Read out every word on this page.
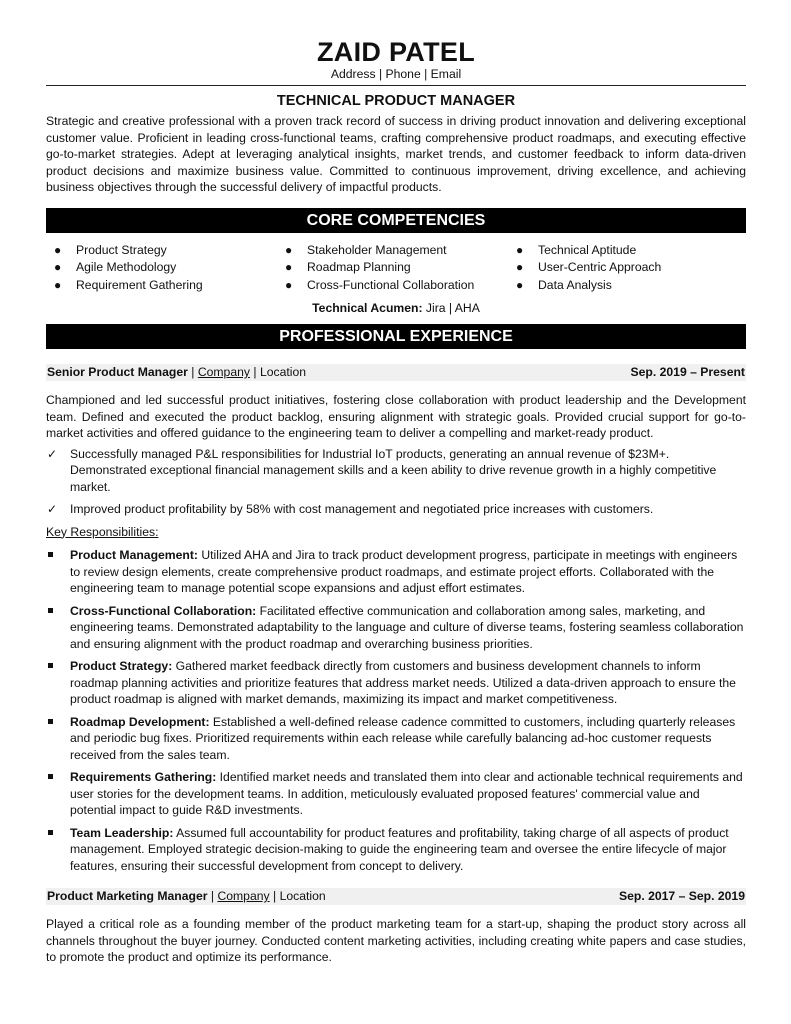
ZAID PATEL
Address | Phone | Email
TECHNICAL PRODUCT MANAGER

Strategic and creative professional with a proven track record of success in driving product innovation and delivering exceptional customer value. Proficient in leading cross-functional teams, crafting comprehensive product roadmaps, and executing effective go-to-market strategies. Adept at leveraging analytical insights, market trends, and customer feedback to inform data-driven product decisions and maximize business value. Committed to continuous improvement, driving excellence, and achieving business objectives through the successful delivery of impactful products.

CORE COMPETENCIES
● Product Strategy
● Agile Methodology
● Requirement Gathering
● Stakeholder Management
● Roadmap Planning
● Cross-Functional Collaboration
● Technical Aptitude
● User-Centric Approach
● Data Analysis
Technical Acumen: Jira | AHA
PROFESSIONAL EXPERIENCE
Senior Product Manager | Company | Location	Sep. 2019 – Present

Championed and led successful product initiatives, fostering close collaboration with product leadership and the Development team. Defined and executed the product backlog, ensuring alignment with strategic goals. Provided crucial support for go-to-market activities and offered guidance to the engineering team to deliver a compelling and market-ready product.

✓ Successfully managed P&L responsibilities for Industrial IoT products, generating an annual revenue of $23M+. Demonstrated exceptional financial management skills and a keen ability to drive revenue growth in a highly competitive market.
✓ Improved product profitability by 58% with cost management and negotiated price increases with customers.
Key Responsibilities:
Product Management: Utilized AHA and Jira to track product development progress, participate in meetings with engineers to review design elements, create comprehensive product roadmaps, and estimate project efforts. Collaborated with the engineering team to manage potential scope expansions and adjust effort estimates.
Cross-Functional Collaboration: Facilitated effective communication and collaboration among sales, marketing, and engineering teams. Demonstrated adaptability to the language and culture of diverse teams, fostering seamless collaboration and ensuring alignment with the product roadmap and overarching business priorities.
Product Strategy: Gathered market feedback directly from customers and business development channels to inform roadmap planning activities and prioritize features that address market needs. Utilized a data-driven approach to ensure the product roadmap is aligned with market demands, maximizing its impact and market competitiveness.
Roadmap Development: Established a well-defined release cadence committed to customers, including quarterly releases and periodic bug fixes. Prioritized requirements within each release while carefully balancing ad-hoc customer requests received from the sales team.
Requirements Gathering: Identified market needs and translated them into clear and actionable technical requirements and user stories for the development teams. In addition, meticulously evaluated proposed features' commercial value and potential impact to guide R&D investments.
Team Leadership: Assumed full accountability for product features and profitability, taking charge of all aspects of product management. Employed strategic decision-making to guide the engineering team and oversee the entire lifecycle of major features, ensuring their successful development from concept to delivery.
Product Marketing Manager | Company | Location	Sep. 2017 – Sep. 2019

Played a critical role as a founding member of the product marketing team for a start-up, shaping the product story across all channels throughout the buyer journey. Conducted content marketing activities, including creating white papers and case studies, to promote the product and optimize its performance.
